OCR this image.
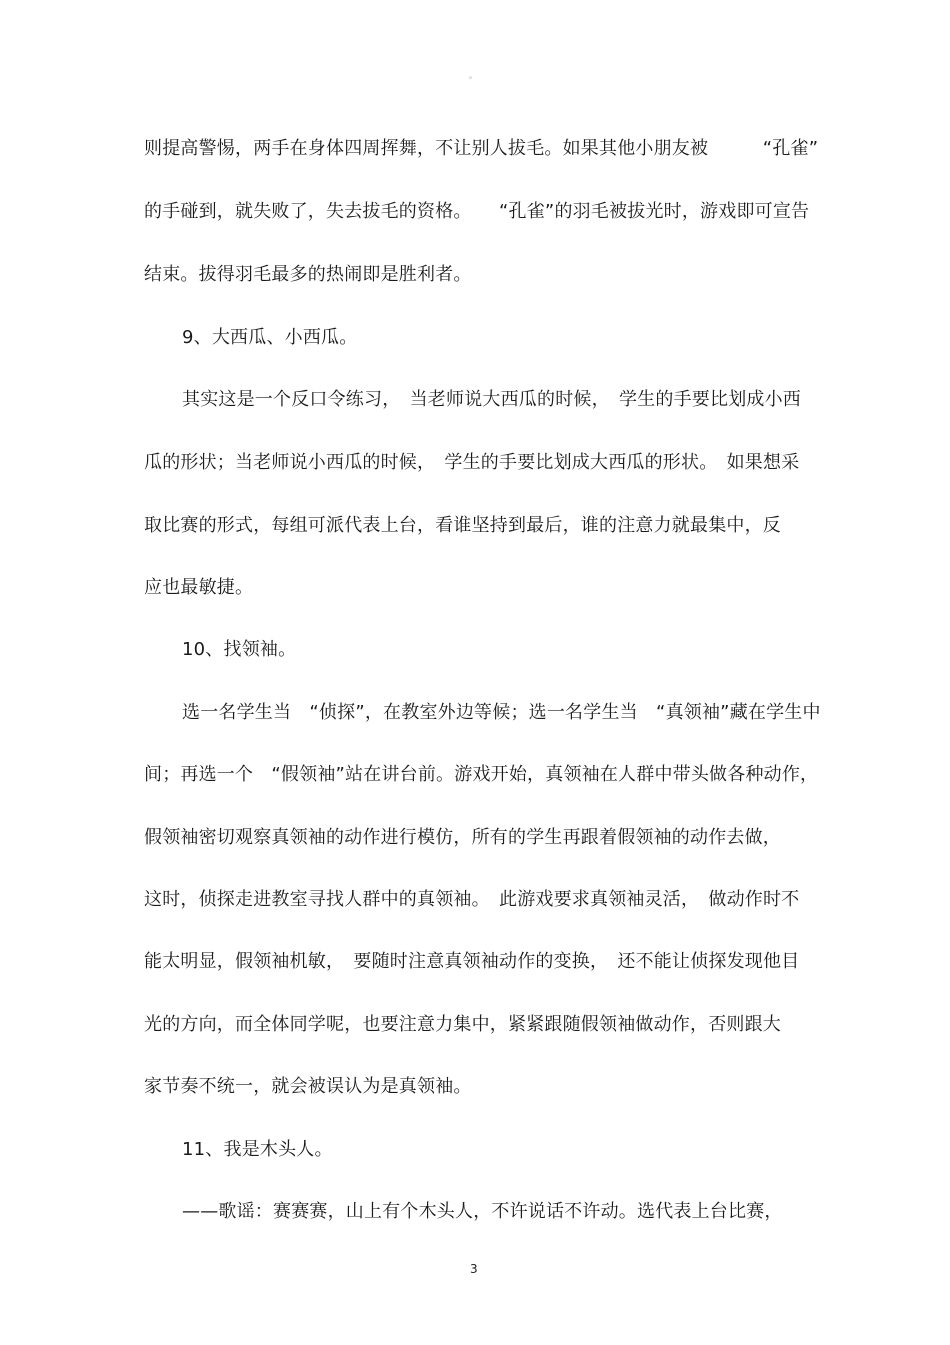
。
则提高警惕，两手在身体四周挥舞，不让别人拔毛。如果其他小朋友被　　　“孔雀”
的手碰到，就失败了，失去拔毛的资格。　　“孔雀”的羽毛被拔光时，游戏即可宣告
结束。拔得羽毛最多的热闹即是胜利者。
9、大西瓜、小西瓜。
其实这是一个反口令练习，　当老师说大西瓜的时候，　学生的手要比划成小西
瓜的形状；当老师说小西瓜的时候，　学生的手要比划成大西瓜的形状。　如果想采
取比赛的形式，每组可派代表上台，看谁坚持到最后，谁的注意力就最集中，反
应也最敏捷。
10、找领袖。
选一名学生当　“侦探”，在教室外边等候；选一名学生当　“真领袖”藏在学生中
间；再选一个　“假领袖”站在讲台前。游戏开始，真领袖在人群中带头做各种动作，
假领袖密切观察真领袖的动作进行模仿，所有的学生再跟着假领袖的动作去做，
这时，侦探走进教室寻找人群中的真领袖。　此游戏要求真领袖灵活，　做动作时不
能太明显，假领袖机敏，　要随时注意真领袖动作的变换，　还不能让侦探发现他目
光的方向，而全体同学呢，也要注意力集中，紧紧跟随假领袖做动作，否则跟大
家节奏不统一，就会被误认为是真领袖。
11、我是木头人。
——歌谣：赛赛赛，山上有个木头人，不许说话不许动。选代表上台比赛，
3
